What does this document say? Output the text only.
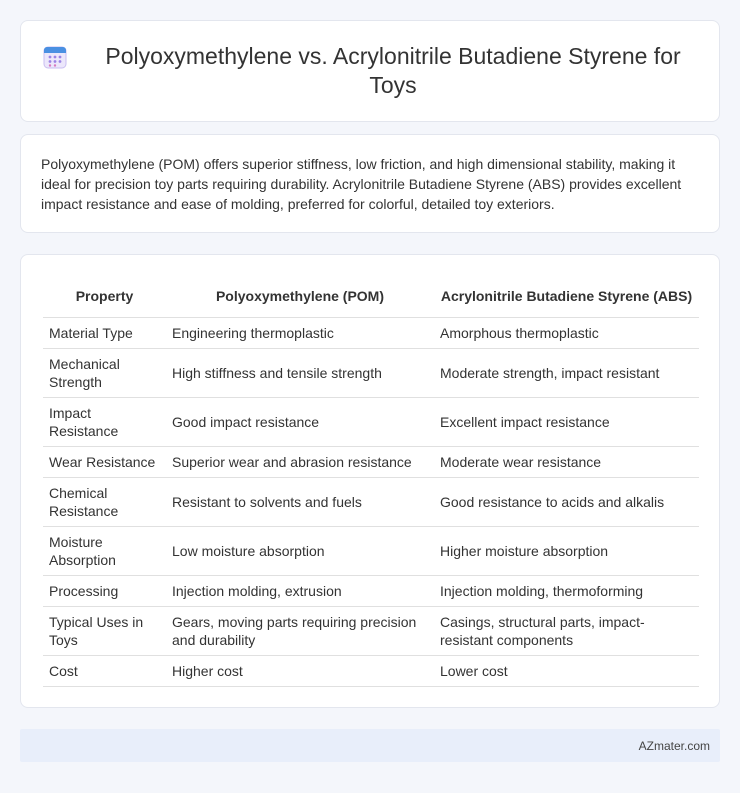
Polyoxymethylene vs. Acrylonitrile Butadiene Styrene for Toys

Polyoxymethylene (POM) offers superior stiffness, low friction, and high dimensional stability, making it ideal for precision toy parts requiring durability. Acrylonitrile Butadiene Styrene (ABS) provides excellent impact resistance and ease of molding, preferred for colorful, detailed toy exteriors.

Property	Polyoxymethylene (POM)	Acrylonitrile Butadiene Styrene (ABS)
Material Type	Engineering thermoplastic	Amorphous thermoplastic
Mechanical Strength	High stiffness and tensile strength	Moderate strength, impact resistant
Impact Resistance	Good impact resistance	Excellent impact resistance
Wear Resistance	Superior wear and abrasion resistance	Moderate wear resistance
Chemical Resistance	Resistant to solvents and fuels	Good resistance to acids and alkalis
Moisture Absorption	Low moisture absorption	Higher moisture absorption
Processing	Injection molding, extrusion	Injection molding, thermoforming
Typical Uses in Toys	Gears, moving parts requiring precision and durability	Casings, structural parts, impact-resistant components
Cost	Higher cost	Lower cost
AZmater.com
